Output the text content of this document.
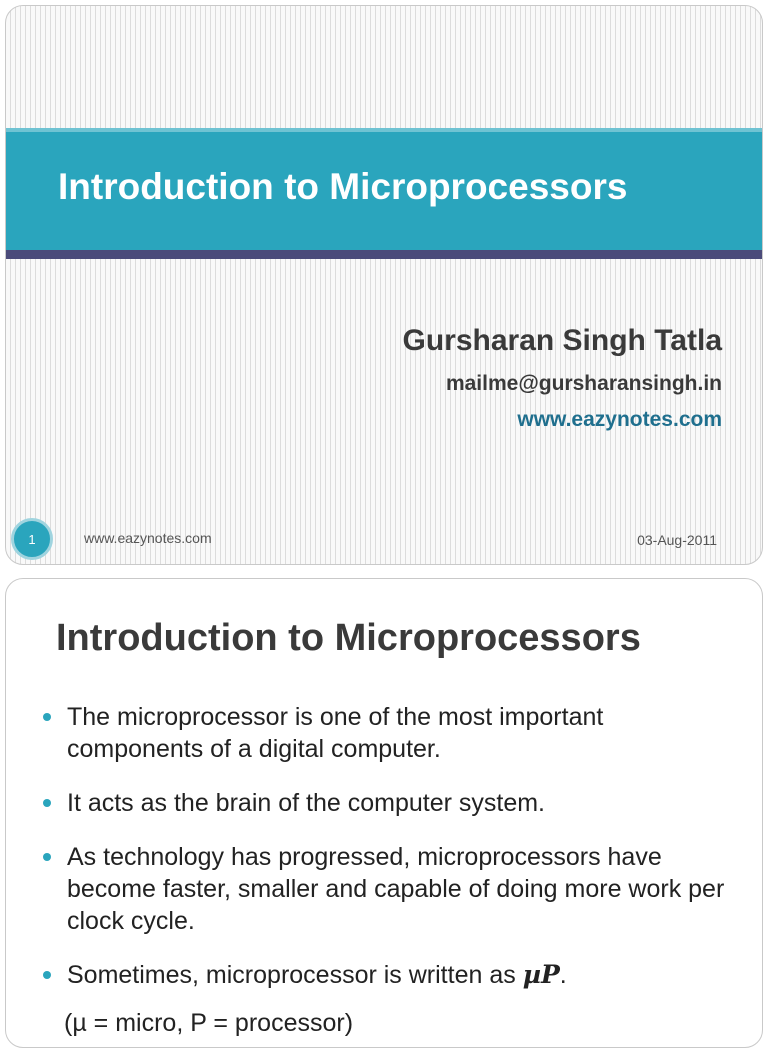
Introduction to Microprocessors
Gursharan Singh Tatla
mailme@gursharansingh.in
www.eazynotes.com
1	www.eazynotes.com	03-Aug-2011
Introduction to Microprocessors
The microprocessor is one of the most important components of a digital computer.
It acts as the brain of the computer system.
As technology has progressed, microprocessors have become faster, smaller and capable of doing more work per clock cycle.
Sometimes, microprocessor is written as µP.
(µ = micro, P = processor)
